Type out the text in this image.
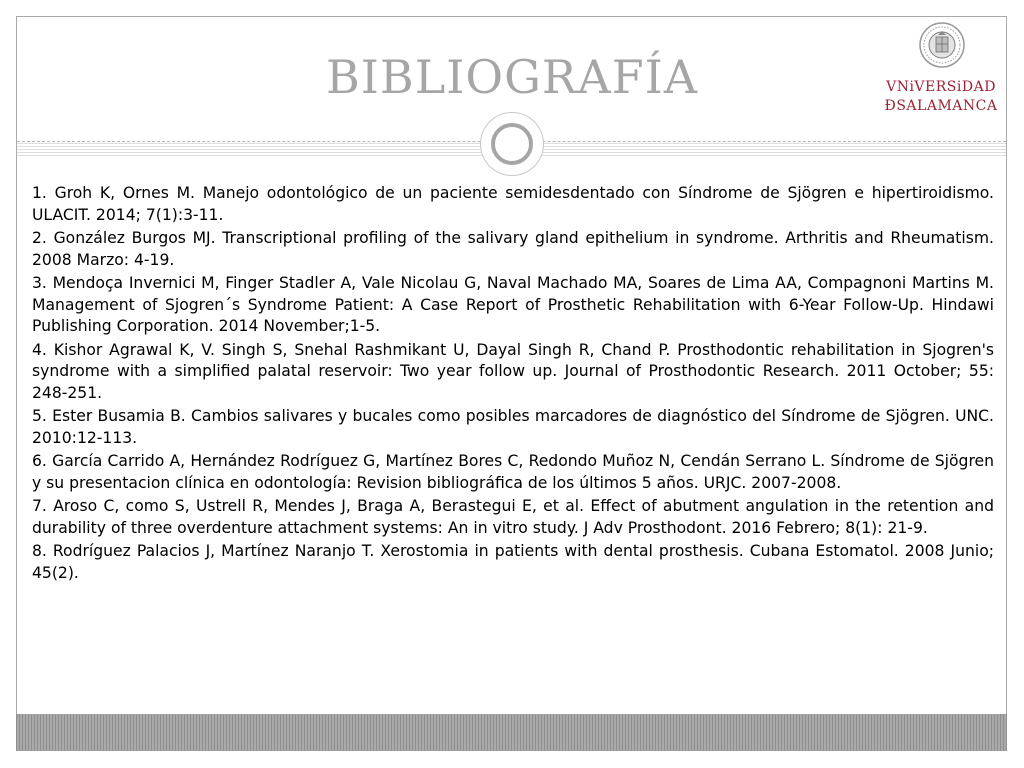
BIBLIOGRAFÍA	VNiVERSiDAD
ÐSALAMANCA
1. Groh K, Ornes M. Manejo odontológico de un paciente semidesdentado con Síndrome de Sjögren e hipertiroidismo. ULACIT. 2014; 7(1):3-11.
2. González Burgos MJ. Transcriptional profiling of the salivary gland epithelium in syndrome. Arthritis and Rheumatism. 2008 Marzo: 4-19.
3. Mendoça Invernici M, Finger Stadler A, Vale Nicolau G, Naval Machado MA, Soares de Lima AA, Compagnoni Martins M. Management of Sjogren´s Syndrome Patient: A Case Report of Prosthetic Rehabilitation with 6-Year Follow-Up. Hindawi Publishing Corporation. 2014 November;1-5.
4. Kishor Agrawal K, V. Singh S, Snehal Rashmikant U, Dayal Singh R, Chand P. Prosthodontic rehabilitation in Sjogren's syndrome with a simplified palatal reservoir: Two year follow up. Journal of Prosthodontic Research. 2011 October; 55: 248-251.
5. Ester Busamia B. Cambios salivares y bucales como posibles marcadores de diagnóstico del Síndrome de Sjögren. UNC. 2010:12-113.
6. García Carrido A, Hernández Rodríguez G, Martínez Bores C, Redondo Muñoz N, Cendán Serrano L. Síndrome de Sjögren y su presentacion clínica en odontología: Revision bibliográfica de los últimos 5 años. URJC. 2007-2008.
7. Aroso C, como S, Ustrell R, Mendes J, Braga A, Berastegui E, et al. Effect of abutment angulation in the retention and durability of three overdenture attachment systems: An in vitro study. J Adv Prosthodont. 2016 Febrero; 8(1): 21-9.
8. Rodríguez Palacios J, Martínez Naranjo T. Xerostomia in patients with dental prosthesis. Cubana Estomatol. 2008 Junio; 45(2).
